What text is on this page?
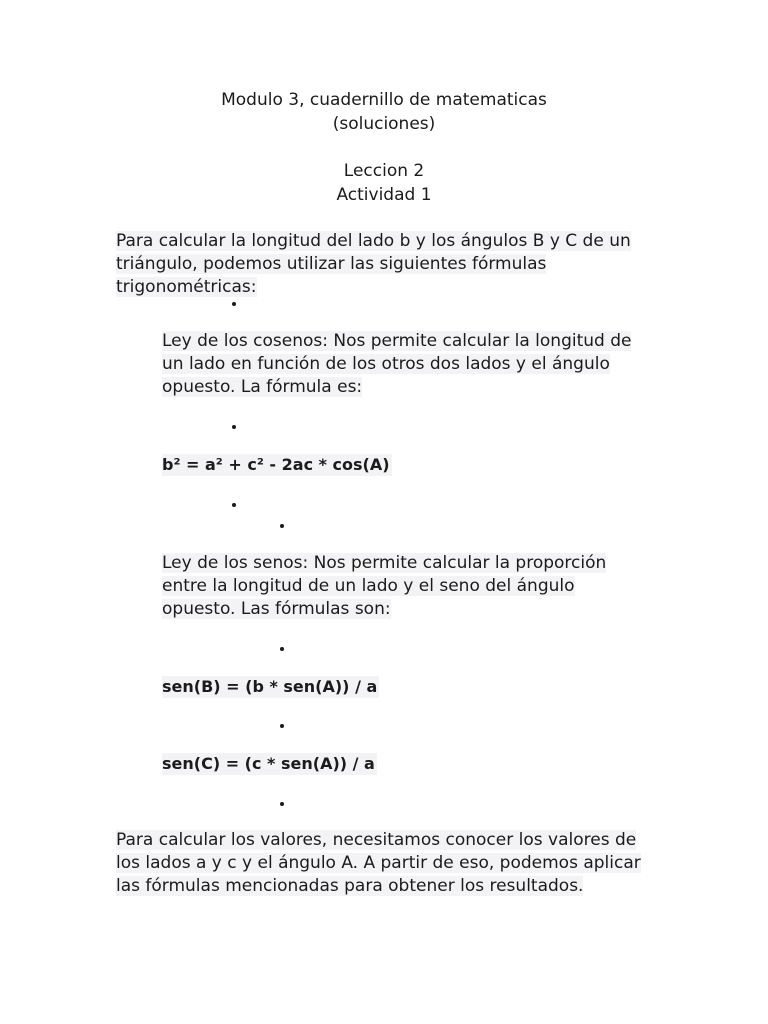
Modulo 3, cuadernillo de matematicas
(soluciones)
Leccion 2
Actividad 1
Para calcular la longitud del lado b y los ángulos B y C de un triángulo, podemos utilizar las siguientes fórmulas trigonométricas:
Ley de los cosenos: Nos permite calcular la longitud de un lado en función de los otros dos lados y el ángulo opuesto. La fórmula es:
b² = a² + c² - 2ac * cos(A)
Ley de los senos: Nos permite calcular la proporción entre la longitud de un lado y el seno del ángulo opuesto. Las fórmulas son:
sen(B) = (b * sen(A)) / a
sen(C) = (c * sen(A)) / a
Para calcular los valores, necesitamos conocer los valores de los lados a y c y el ángulo A. A partir de eso, podemos aplicar las fórmulas mencionadas para obtener los resultados.
